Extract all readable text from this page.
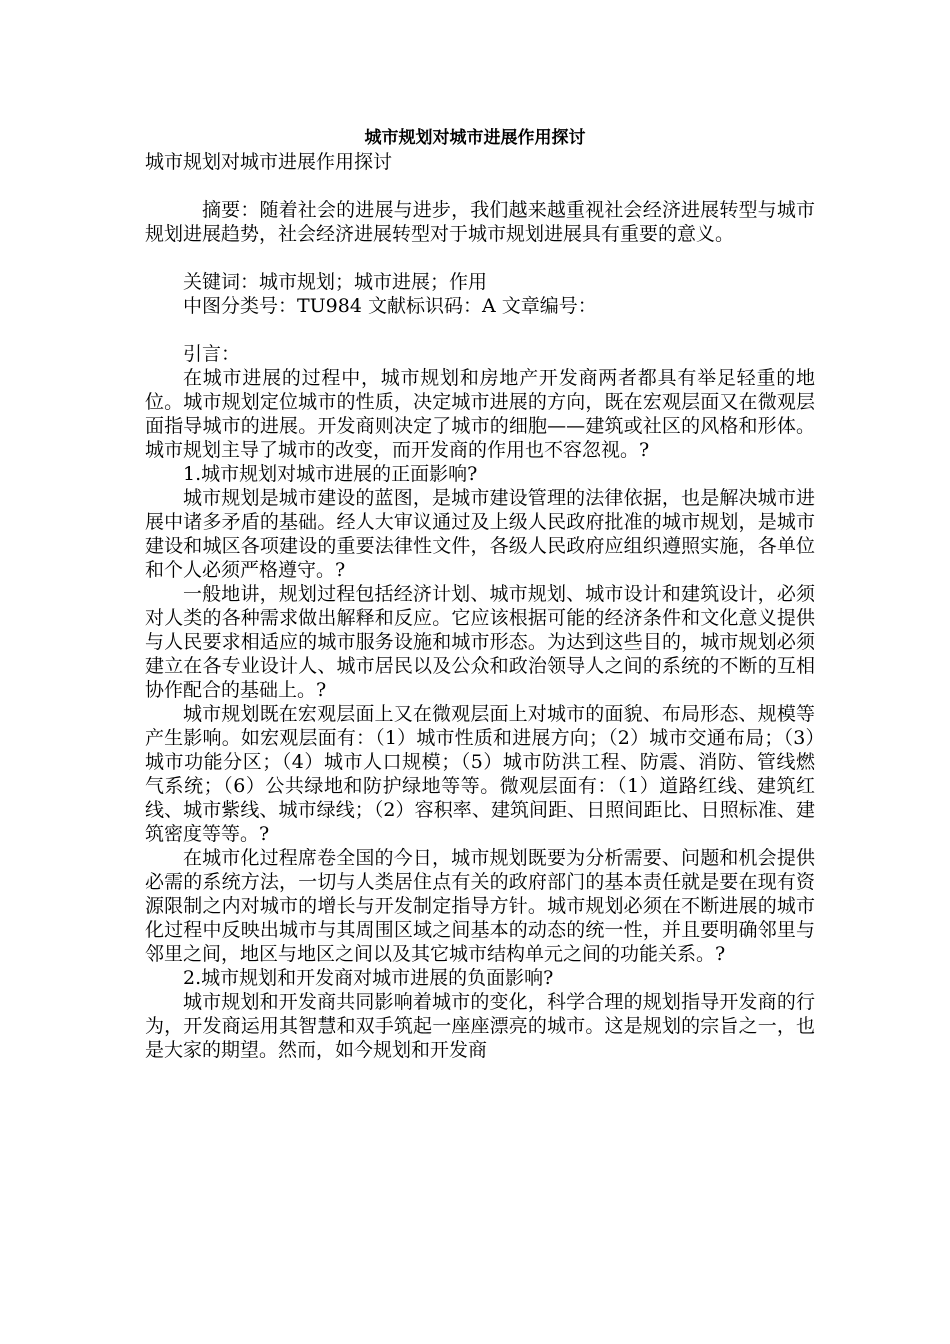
城市规划对城市进展作用探讨
城市规划对城市进展作用探讨

摘要：随着社会的进展与进步，我们越来越重视社会经济进展转型与城市规划进展趋势，社会经济进展转型对于城市规划进展具有重要的意义。

关键词：城市规划；城市进展；作用

中图分类号：TU984 文献标识码：A 文章编号：

引言：

在城市进展的过程中，城市规划和房地产开发商两者都具有举足轻重的地位。城市规划定位城市的性质，决定城市进展的方向，既在宏观层面又在微观层面指导城市的进展。开发商则决定了城市的细胞——建筑或社区的风格和形体。城市规划主导了城市的改变，而开发商的作用也不容忽视。?

1.城市规划对城市进展的正面影响?

城市规划是城市建设的蓝图，是城市建设管理的法律依据，也是解决城市进展中诸多矛盾的基础。经人大审议通过及上级人民政府批准的城市规划，是城市建设和城区各项建设的重要法律性文件，各级人民政府应组织遵照实施，各单位和个人必须严格遵守。?

一般地讲，规划过程包括经济计划、城市规划、城市设计和建筑设计，必须对人类的各种需求做出解释和反应。它应该根据可能的经济条件和文化意义提供与人民要求相适应的城市服务设施和城市形态。为达到这些目的，城市规划必须建立在各专业设计人、城市居民以及公众和政治领导人之间的系统的不断的互相协作配合的基础上。?

城市规划既在宏观层面上又在微观层面上对城市的面貌、布局形态、规模等产生影响。如宏观层面有：（1）城市性质和进展方向；（2）城市交通布局；（3）城市功能分区；（4）城市人口规模；（5）城市防洪工程、防震、消防、管线燃气系统；（6）公共绿地和防护绿地等等。微观层面有：（1）道路红线、建筑红线、城市紫线、城市绿线；（2）容积率、建筑间距、日照间距比、日照标准、建筑密度等等。?

在城市化过程席卷全国的今日，城市规划既要为分析需要、问题和机会提供必需的系统方法，一切与人类居住点有关的政府部门的基本责任就是要在现有资源限制之内对城市的增长与开发制定指导方针。城市规划必须在不断进展的城市化过程中反映出城市与其周围区域之间基本的动态的统一性，并且要明确邻里与邻里之间，地区与地区之间以及其它城市结构单元之间的功能关系。?

2.城市规划和开发商对城市进展的负面影响?

城市规划和开发商共同影响着城市的变化，科学合理的规划指导开发商的行为，开发商运用其智慧和双手筑起一座座漂亮的城市。这是规划的宗旨之一，也是大家的期望。然而，如今规划和开发商
